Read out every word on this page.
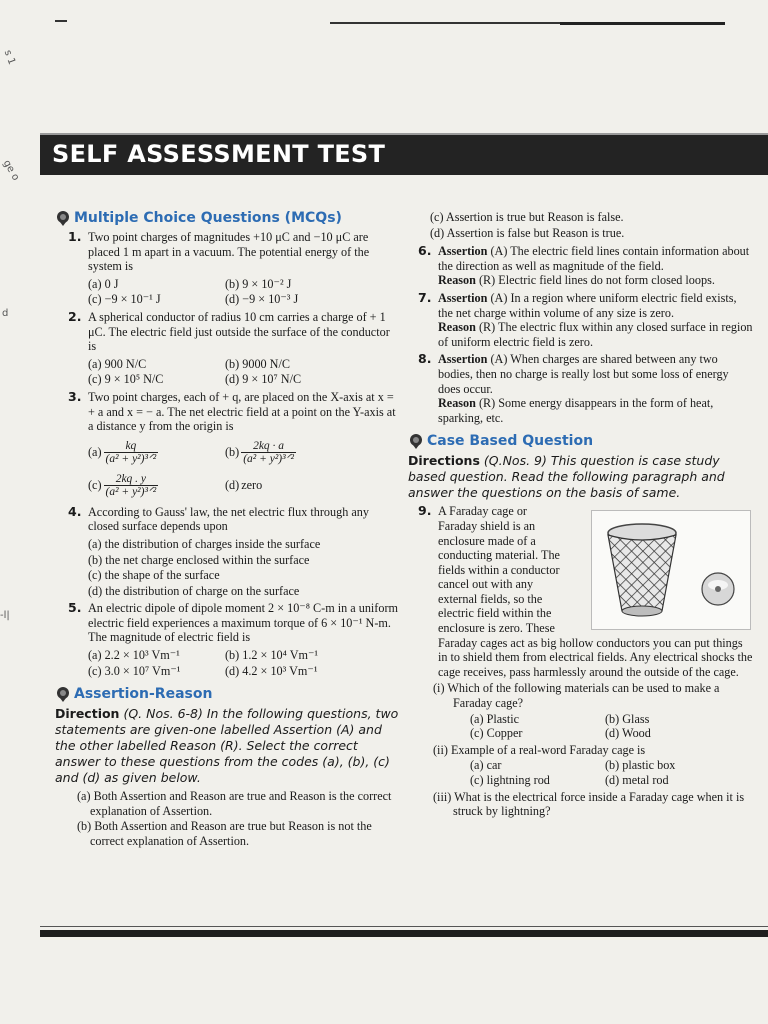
s 1
ge o
d
-l|
SELF ASSESSMENT TEST
Multiple Choice Questions (MCQs)
1. Two point charges of magnitudes +10 μC and −10 μC are placed 1 m apart in a vacuum. The potential energy of the system is
(a) 0 J	(b) 9 × 10⁻² J
(c) −9 × 10⁻¹ J	(d) −9 × 10⁻³ J
2. A spherical conductor of radius 10 cm carries a charge of + 1 μC. The electric field just outside the surface of the conductor is
(a) 900 N/C	(b) 9000 N/C
(c) 9 × 10⁵ N/C	(d) 9 × 10⁷ N/C
3. Two point charges, each of + q, are placed on the X-axis at x = + a and x = − a. The net electric field at a point on the Y-axis at a distance y from the origin is
$(a) \frac{kq}{\text{(a² + y²)³ᐟ²}}$	$(b) \frac{2kq \cdot a}{\text{(a² + y²)³ᐟ²}}$
$(c) \frac{2kq . y}{\text{(a² + y²)³ᐟ²}}$	(d) zero
4. According to Gauss' law, the net electric flux through any closed surface depends upon
(a) the distribution of charges inside the surface
(b) the net charge enclosed within the surface
(c) the shape of the surface
(d) the distribution of charge on the surface
5. An electric dipole of dipole moment 2 × 10⁻⁸ C-m in a uniform electric field experiences a maximum torque of 6 × 10⁻¹ N-m. The magnitude of electric field is
(a) 2.2 × 10³ Vm⁻¹	(b) 1.2 × 10⁴ Vm⁻¹
(c) 3.0 × 10⁷ Vm⁻¹	(d) 4.2 × 10³ Vm⁻¹
Assertion-Reason
Direction (Q. Nos. 6-8) In the following questions, two statements are given-one labelled Assertion (A) and the other labelled Reason (R). Select the correct answer to these questions from the codes (a), (b), (c) and (d) as given below.
(a) Both Assertion and Reason are true and Reason is the correct explanation of Assertion.
(b) Both Assertion and Reason are true but Reason is not the correct explanation of Assertion.
(c) Assertion is true but Reason is false.
(d) Assertion is false but Reason is true.
6. Assertion (A) The electric field lines contain information about the direction as well as magnitude of the field.
Reason (R) Electric field lines do not form closed loops.
7. Assertion (A) In a region where uniform electric field exists, the net charge within volume of any size is zero.
Reason (R) The electric flux within any closed surface in region of uniform electric field is zero.
8. Assertion (A) When charges are shared between any two bodies, then no charge is really lost but some loss of energy does occur.
Reason (R) Some energy disappears in the form of heat, sparking, etc.
Case Based Question
Directions (Q.Nos. 9) This question is case study based question. Read the following paragraph and answer the questions on the basis of same.
9. A Faraday cage or
Faraday shield is an
enclosure made of a
conducting material. The
fields within a conductor
cancel out with any
external fields, so the
electric field within the
enclosure is zero. These
Faraday cages act as big hollow conductors you can put things in to shield them from electrical fields. Any electrical shocks the cage receives, pass harmlessly around the outside of the cage.
(i) Which of the following materials can be used to make a Faraday cage?
(a) Plastic	(b) Glass
(c) Copper	(d) Wood
(ii) Example of a real-word Faraday cage is
(a) car	(b) plastic box
(c) lightning rod	(d) metal rod
(iii) What is the electrical force inside a Faraday cage when it is struck by lightning?
